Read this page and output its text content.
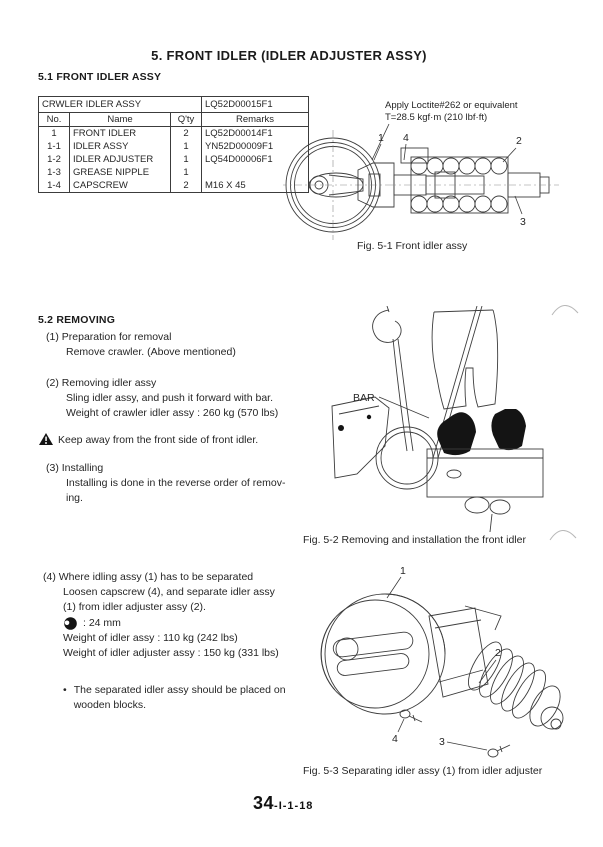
5. FRONT IDLER (IDLER ADJUSTER ASSY)
5.1 FRONT IDLER ASSY
CRWLER IDLER ASSY			LQ52D00015F1
No.	Name	Q'ty	Remarks
1	FRONT IDLER	2	LQ52D00014F1
1-1	IDLER ASSY	1	YN52D00009F1
1-2	IDLER ADJUSTER	1	LQ54D00006F1
1-3	GREASE NIPPLE	1	
1-4	CAPSCREW	2	M16 X 45
1 4	2
3
Apply Loctite#262 or equivalent
T=28.5 kgf·m (210 lbf·ft)
Fig. 5-1 Front idler assy
5.2 REMOVING
(1) Preparation for removal
Remove crawler. (Above mentioned)
(2) Removing idler assy
Sling idler assy, and push it forward with bar.
Weight of crawler idler assy : 260 kg (570 lbs)
Keep away from the front side of front idler.
(3) Installing
Installing is done in the reverse order of remov-
ing.
BAR
Fig. 5-2 Removing and installation the front idler
(4) Where idling assy (1) has to be separated
Loosen capscrew (4), and separate idler assy
(1) from idler adjuster assy (2).
: 24 mm
Weight of idler assy : 110 kg (242 lbs)
Weight of idler adjuster assy : 150 kg (331 lbs)
• The separated idler assy should be placed on
wooden blocks.
1
2
3
4
Fig. 5-3 Separating idler assy (1) from idler adjuster
34 -I-1-18
